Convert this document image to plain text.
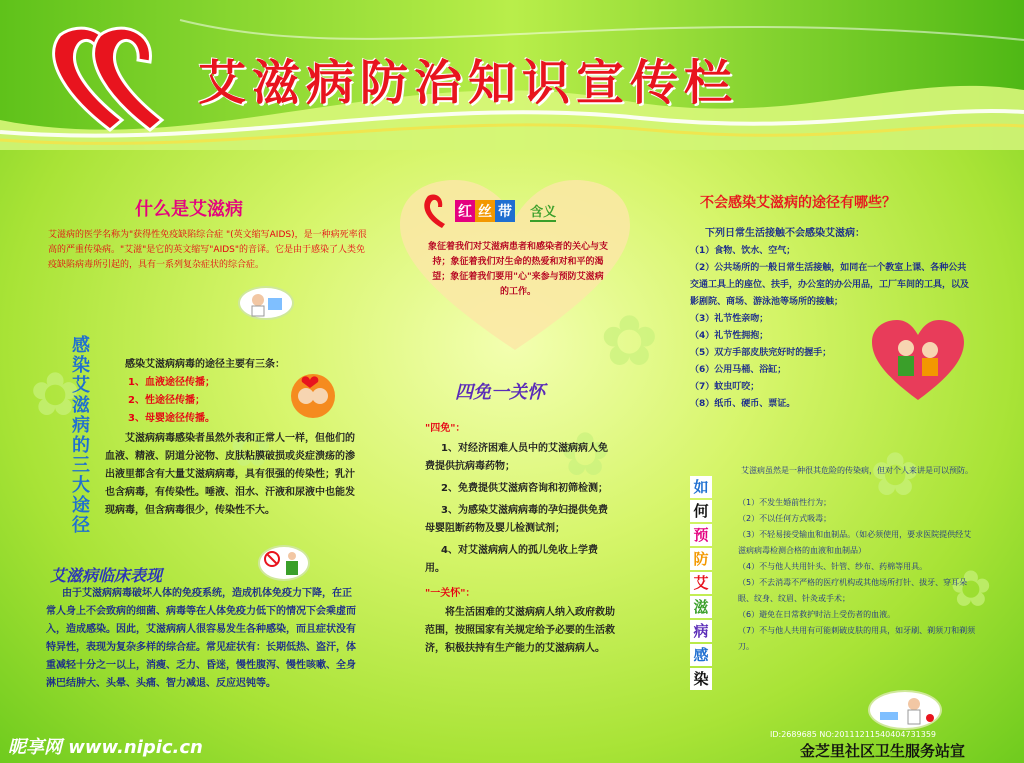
艾滋病防治知识宣传栏
✿
✿
✿
✿	✿
✿
什么是艾滋病
艾滋病的医学名称为"获得性免疫缺陷综合症 "(英文缩写AIDS)，是一种病死率很高的严重传染病。"艾滋"是它的英文缩写"AIDS"的音译。它是由于感染了人类免疫缺陷病毒所引起的，具有一系列复杂症状的综合症。
感染艾滋病的三大途径	感染艾滋病病毒的途径主要有三条：
1、血液途径传播；
2、性途径传播；
3、母婴途径传播。
艾滋病病毒感染者虽然外表和正常人一样，但他们的血液、精液、阴道分泌物、皮肤粘膜破损或炎症溃疡的渗出液里都含有大量艾滋病病毒，具有很强的传染性；乳汁也含病毒，有传染性。唾液、泪水、汗液和尿液中也能发现病毒，但含病毒很少，传染性不大。
艾滋病临床表现
由于艾滋病病毒破坏人体的免疫系统，造成机体免疫力下降，在正常人身上不会致病的细菌、病毒等在人体免疫力低下的情况下会乘虚而入，造成感染。因此，艾滋病病人很容易发生各种感染，而且症状没有特异性，表现为复杂多样的综合症。常见症状有：长期低热、盗汗，体重减轻十分之一以上，消瘦、乏力、昏迷，慢性腹泻、慢性咳嗽、全身淋巴结肿大、头晕、头痛、智力减退、反应迟钝等。
红 丝 带 含义
象征着我们对艾滋病患者和感染者的关心与支持；象征着我们对生命的热爱和对和平的渴望；象征着我们要用"心"来参与预防艾滋病的工作。
四免一关怀
"四免"：
1、对经济困难人员中的艾滋病病人免费提供抗病毒药物；
2、免费提供艾滋病咨询和初筛检测；
3、为感染艾滋病病毒的孕妇提供免费母婴阻断药物及婴儿检测试剂；
4、对艾滋病病人的孤儿免收上学费用。
"一关怀"：
将生活困难的艾滋病病人纳入政府救助范围，按照国家有关规定给予必要的生活救济，积极扶持有生产能力的艾滋病病人。
不会感染艾滋病的途径有哪些？
下列日常生活接触不会感染艾滋病：
（1）食物、饮水、空气；
（2）公共场所的一般日常生活接触，如同在一个教室上课、各种公共交通工具上的座位、扶手，办公室的办公用品，工厂车间的工具，以及影剧院、商场、游泳池等场所的接触；
（3）礼节性亲吻；
（4）礼节性拥抱；
（5）双方手部皮肤完好时的握手；
（6）公用马桶、浴缸；
（7）蚊虫叮咬；
（8）纸币、硬币、票证。
如
何
预
防
艾
滋
病
感
染
艾滋病虽然是一种很其危险的传染病，但对个人来讲是可以预防。
（1）不发生婚前性行为；
（2）不以任何方式吸毒；
（3）不轻易接受输血和血制品。（如必须使用，要求医院提供经艾滋病病毒检测合格的血液和血制品）
（4）不与他人共用针头、针管、纱布、药棉等用具。
（5）不去消毒不严格的医疗机构或其他场所打针、拔牙、穿耳朵眼、纹身、纹眉、针灸或手术；
（6）避免在日常救护时沾上受伤者的血液。
（7）不与他人共用有可能刺破皮肤的用具，如牙刷、剃须刀和剃须刀。
昵享网 www.nipic.cn
ID:2689685 NO:20111211540404731359
金芝里社区卫生服务站宣
